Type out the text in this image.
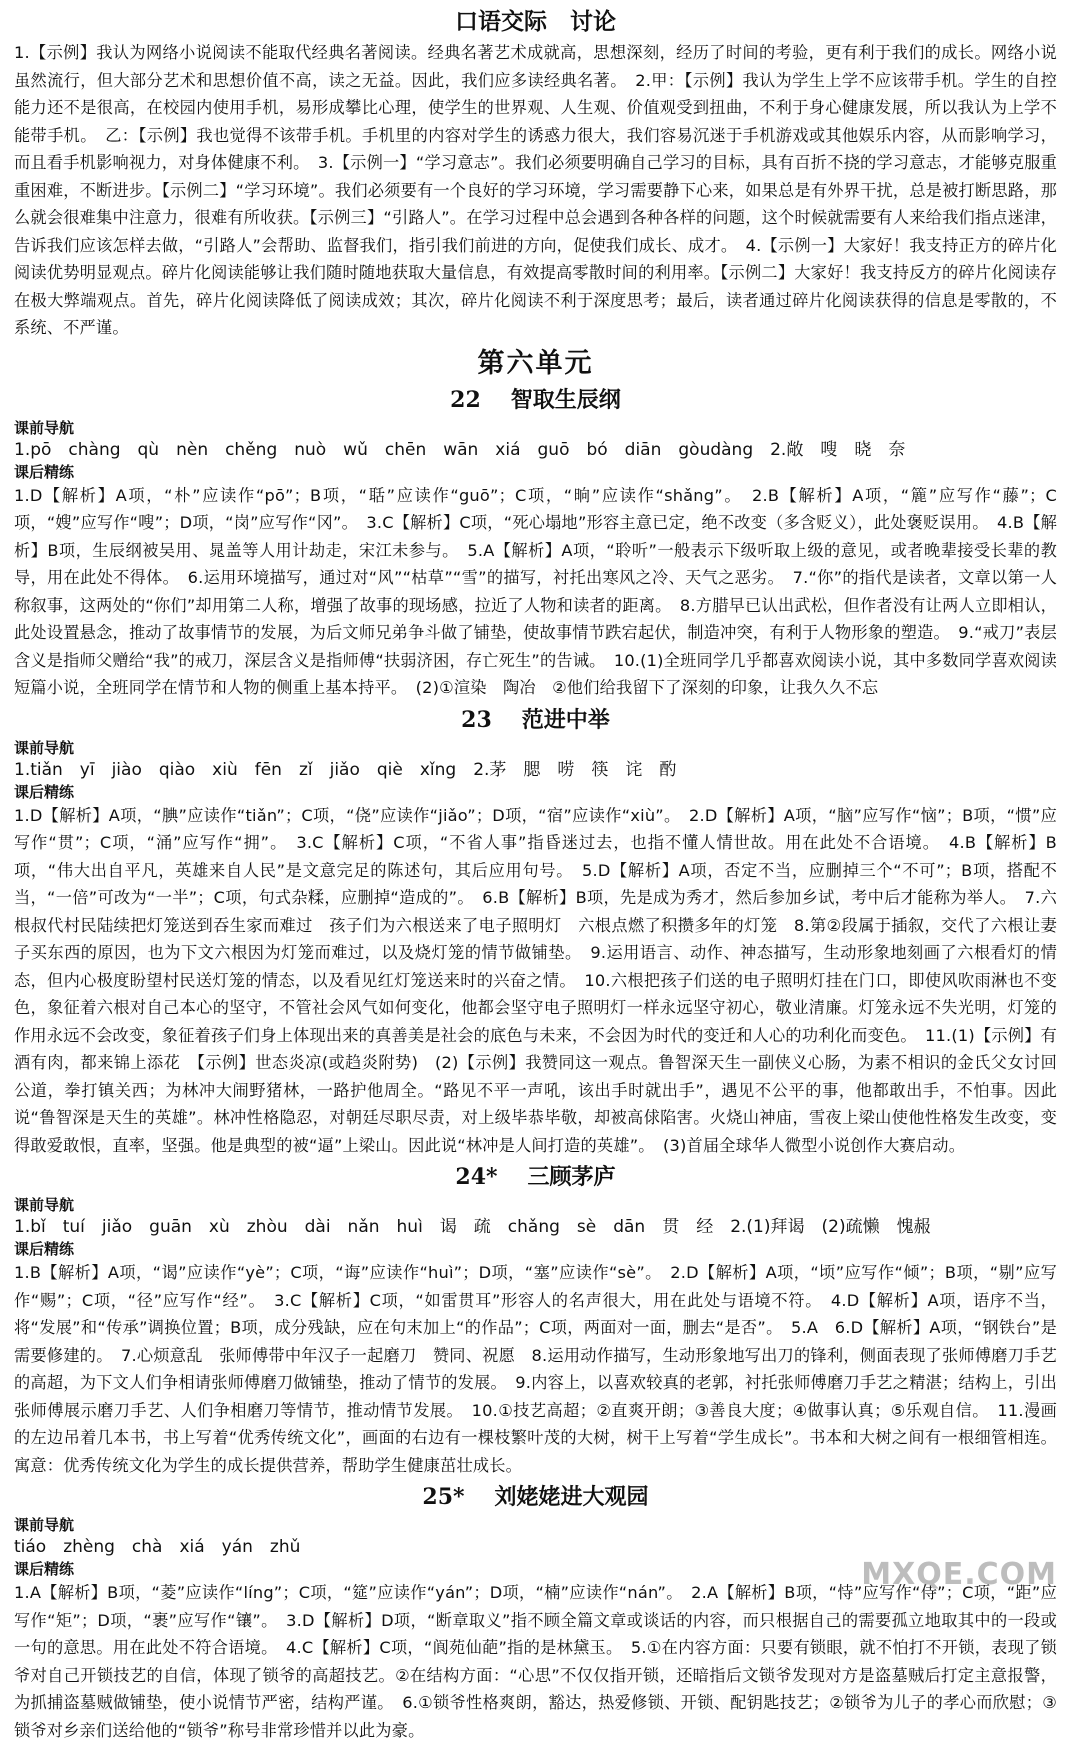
口语交际　讨论
1.【示例】我认为网络小说阅读不能取代经典名著阅读。经典名著艺术成就高，思想深刻，经历了时间的考验，更有利于我们的成长。网络小说虽然流行，但大部分艺术和思想价值不高，读之无益。因此，我们应多读经典名著。　2.甲：【示例】我认为学生上学不应该带手机。学生的自控能力还不是很高，在校园内使用手机，易形成攀比心理，使学生的世界观、人生观、价值观受到扭曲，不利于身心健康发展，所以我认为上学不能带手机。　乙：【示例】我也觉得不该带手机。手机里的内容对学生的诱惑力很大，我们容易沉迷于手机游戏或其他娱乐内容，从而影响学习，而且看手机影响视力，对身体健康不利。　3.【示例一】“学习意志”。我们必须要明确自己学习的目标，具有百折不挠的学习意志，才能够克服重重困难，不断进步。【示例二】“学习环境”。我们必须要有一个良好的学习环境，学习需要静下心来，如果总是有外界干扰，总是被打断思路，那么就会很难集中注意力，很难有所收获。【示例三】“引路人”。在学习过程中总会遇到各种各样的问题，这个时候就需要有人来给我们指点迷津，告诉我们应该怎样去做，“引路人”会帮助、监督我们，指引我们前进的方向，促使我们成长、成才。　4.【示例一】大家好！我支持正方的碎片化阅读优势明显观点。碎片化阅读能够让我们随时随地获取大量信息，有效提高零散时间的利用率。【示例二】大家好！我支持反方的碎片化阅读存在极大弊端观点。首先，碎片化阅读降低了阅读成效；其次，碎片化阅读不利于深度思考；最后，读者通过碎片化阅读获得的信息是零散的，不系统、不严谨。
第六单元
22 智取生辰纲
课前导航
1.pō　chàng　qù　nèn　chěng　nuò　wǔ　chēn　wān　xiá　guō　bó　diān　gòudàng　2.敞　嗖　晓　奈
课后精练
1.D【解析】A项，“朴”应读作“pō”；B项，“聒”应读作“guō”；C项，“晌”应读作“shǎng”。　2.B【解析】A项，“簏”应写作“藤”；C项，“嫂”应写作“嗖”；D项，“岗”应写作“冈”。　3.C【解析】C项，“死心塌地”形容主意已定，绝不改变（多含贬义），此处褒贬误用。　4.B【解析】B项，生辰纲被吴用、晁盖等人用计劫走，宋江未参与。　5.A【解析】A项，“聆听”一般表示下级听取上级的意见，或者晚辈接受长辈的教导，用在此处不得体。　6.运用环境描写，通过对“风”“枯草”“雪”的描写，衬托出寒风之冷、天气之恶劣。　7.“你”的指代是读者，文章以第一人称叙事，这两处的“你们”却用第二人称，增强了故事的现场感，拉近了人物和读者的距离。　8.方腊早已认出武松，但作者没有让两人立即相认，此处设置悬念，推动了故事情节的发展，为后文师兄弟争斗做了铺垫，使故事情节跌宕起伏，制造冲突，有利于人物形象的塑造。　9.“戒刀”表层含义是指师父赠给“我”的戒刀，深层含义是指师傅“扶弱济困，存亡死生”的告诫。　10.(1)全班同学几乎都喜欢阅读小说，其中多数同学喜欢阅读短篇小说，全班同学在情节和人物的侧重上基本持平。　(2)①渲染　陶冶　②他们给我留下了深刻的印象，让我久久不忘
23 范进中举
课前导航
1.tiǎn　yī　jiào　qiào　xiù　fēn　zǐ　jiǎo　qiè　xǐng　2.茅　腮　唠　筷　诧　酌
课后精练
1.D【解析】A项，“腆”应读作“tiǎn”；C项，“侥”应读作“jiǎo”；D项，“宿”应读作“xiù”。　2.D【解析】A项，“脑”应写作“恼”；B项，“惯”应写作“贯”；C项，“涌”应写作“拥”。　3.C【解析】C项，“不省人事”指昏迷过去，也指不懂人情世故。用在此处不合语境。　4.B【解析】B项，“伟大出自平凡，英雄来自人民”是文意完足的陈述句，其后应用句号。　5.D【解析】A项，否定不当，应删掉三个“不可”；B项，搭配不当，“一倍”可改为“一半”；C项，句式杂糅，应删掉“造成的”。　6.B【解析】B项，先是成为秀才，然后参加乡试，考中后才能称为举人。　7.六根叔代村民陆续把灯笼送到吞生家而难过　孩子们为六根送来了电子照明灯　六根点燃了积攒多年的灯笼　8.第②段属于插叙，交代了六根让妻子买东西的原因，也为下文六根因为灯笼而难过，以及烧灯笼的情节做铺垫。　9.运用语言、动作、神态描写，生动形象地刻画了六根看灯的情态，但内心极度盼望村民送灯笼的情态，以及看见红灯笼送来时的兴奋之情。　10.六根把孩子们送的电子照明灯挂在门口，即使风吹雨淋也不变色，象征着六根对自己本心的坚守，不管社会风气如何变化，他都会坚守电子照明灯一样永远坚守初心，敬业清廉。灯笼永远不失光明，灯笼的作用永远不会改变，象征着孩子们身上体现出来的真善美是社会的底色与未来，不会因为时代的变迁和人心的功利化而变色。　11.(1)【示例】有酒有肉，都来锦上添花　【示例】世态炎凉(或趋炎附势)　(2)【示例】我赞同这一观点。鲁智深天生一副侠义心肠，为素不相识的金氏父女讨回公道，拳打镇关西；为林冲大闹野猪林，一路护他周全。“路见不平一声吼，该出手时就出手”，遇见不公平的事，他都敢出手，不怕事。因此说“鲁智深是天生的英雄”。林冲性格隐忍，对朝廷尽职尽责，对上级毕恭毕敬，却被高俅陷害。火烧山神庙，雪夜上梁山使他性格发生改变，变得敢爱敢恨，直率，坚强。他是典型的被“逼”上梁山。因此说“林冲是人间打造的英雄”。　(3)首届全球华人微型小说创作大赛启动。
24* 三顾茅庐
课前导航
1.bǐ　tuí　jiǎo　guān　xù　zhòu　dài　nǎn　huì　谒　疏　chǎng　sè　dān　贯　经　2.(1)拜谒　(2)疏懒　愧赧
课后精练
1.B【解析】A项，“谒”应读作“yè”；C项，“诲”应读作“huì”；D项，“塞”应读作“sè”。　2.D【解析】A项，“顷”应写作“倾”；B项，“剔”应写作“赐”；C项，“径”应写作“经”。　3.C【解析】C项，“如雷贯耳”形容人的名声很大，用在此处与语境不符。　4.D【解析】A项，语序不当，将“发展”和“传承”调换位置；B项，成分残缺，应在句末加上“的作品”；C项，两面对一面，删去“是否”。　5.A　6.D【解析】A项，“钢铁台”是需要修建的。　7.心烦意乱　张师傅带中年汉子一起磨刀　赞同、祝愿　8.运用动作描写，生动形象地写出刀的锋利，侧面表现了张师傅磨刀手艺的高超，为下文人们争相请张师傅磨刀做铺垫，推动了情节的发展。　9.内容上，以喜欢较真的老郭，衬托张师傅磨刀手艺之精湛；结构上，引出张师傅展示磨刀手艺、人们争相磨刀等情节，推动情节发展。　10.①技艺高超；②直爽开朗；③善良大度；④做事认真；⑤乐观自信。　11.漫画的左边吊着几本书，书上写着“优秀传统文化”，画面的右边有一棵枝繁叶茂的大树，树干上写着“学生成长”。书本和大树之间有一根细管相连。寓意：优秀传统文化为学生的成长提供营养，帮助学生健康茁壮成长。
25* 刘姥姥进大观园
课前导航
tiáo　zhèng　chà　xiá　yán　zhǔ
课后精练
1.A【解析】B项，“菱”应读作“líng”；C项，“筵”应读作“yán”；D项，“楠”应读作“nán”。　2.A【解析】B项，“恃”应写作“侍”；C项，“距”应写作“矩”；D项，“裹”应写作“镶”。　3.D【解析】D项，“断章取义”指不顾全篇文章或谈话的内容，而只根据自己的需要孤立地取其中的一段或一句的意思。用在此处不符合语境。　4.C【解析】C项，“阆苑仙葩”指的是林黛玉。　5.①在内容方面：只要有锁眼，就不怕打不开锁，表现了锁爷对自己开锁技艺的自信，体现了锁爷的高超技艺。②在结构方面：“心思”不仅仅指开锁，还暗指后文锁爷发现对方是盗墓贼后打定主意报警，为抓捕盗墓贼做铺垫，使小说情节严密，结构严谨。　6.①锁爷性格爽朗，豁达，热爱修锁、开锁、配钥匙技艺；②锁爷为儿子的孝心而欣慰；③锁爷对乡亲们送给他的“锁爷”称号非常珍惜并以此为豪。
MXQE.COM
